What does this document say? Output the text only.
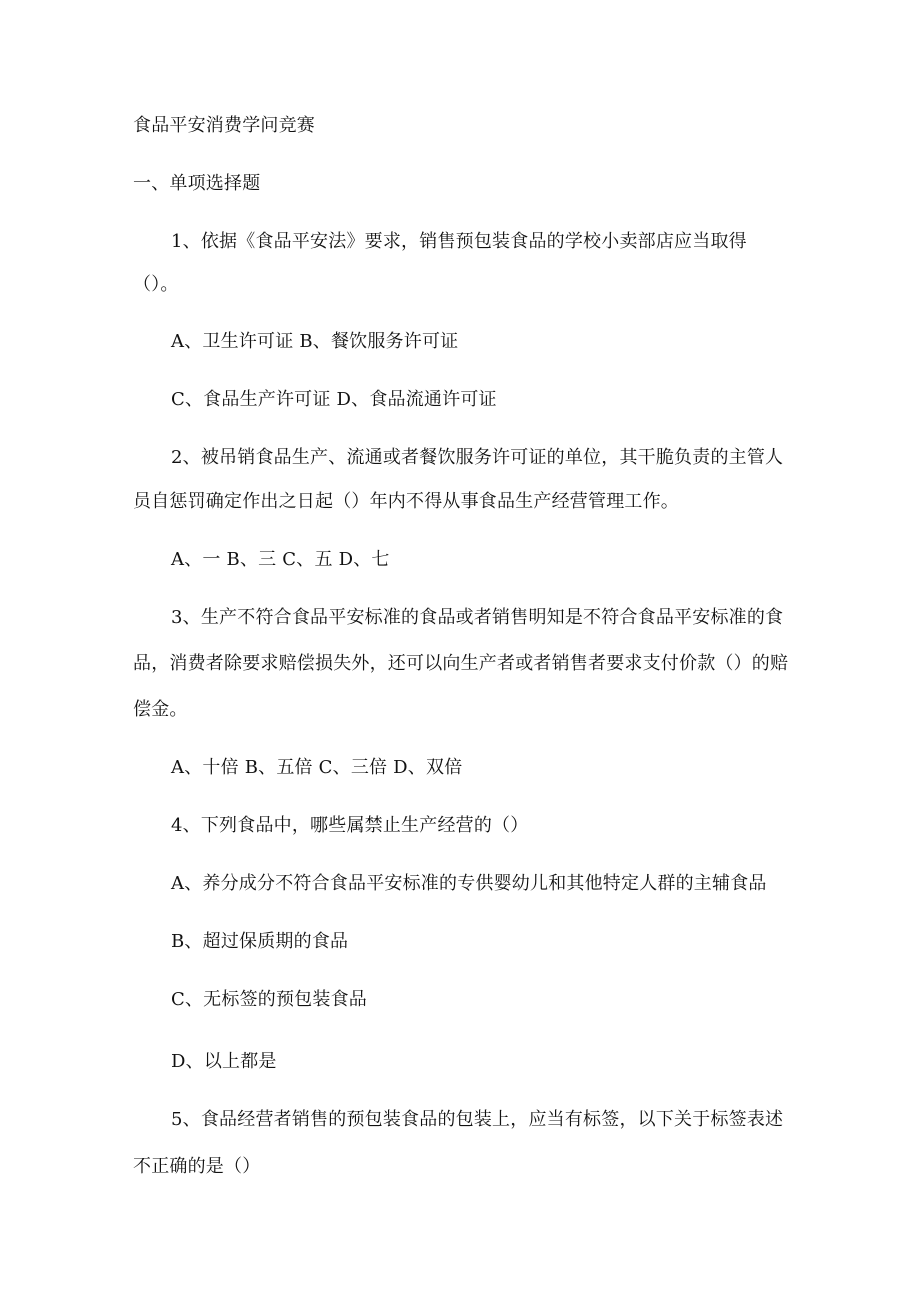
食品平安消费学问竞赛

一、单项选择题

1、依据《食品平安法》要求，销售预包装食品的学校小卖部店应当取得

（）。

A、卫生许可证 B、餐饮服务许可证

C、食品生产许可证 D、食品流通许可证

2、被吊销食品生产、流通或者餐饮服务许可证的单位，其干脆负责的主管人

员自惩罚确定作出之日起（）年内不得从事食品生产经营管理工作。

A、一 B、三 C、五 D、七

3、生产不符合食品平安标准的食品或者销售明知是不符合食品平安标准的食

品，消费者除要求赔偿损失外，还可以向生产者或者销售者要求支付价款（）的赔

偿金。

A、十倍 B、五倍 C、三倍 D、双倍

4、下列食品中，哪些属禁止生产经营的（）

A、养分成分不符合食品平安标准的专供婴幼儿和其他特定人群的主辅食品

B、超过保质期的食品

C、无标签的预包装食品

D、以上都是

5、食品经营者销售的预包装食品的包装上，应当有标签，以下关于标签表述

不正确的是（）
